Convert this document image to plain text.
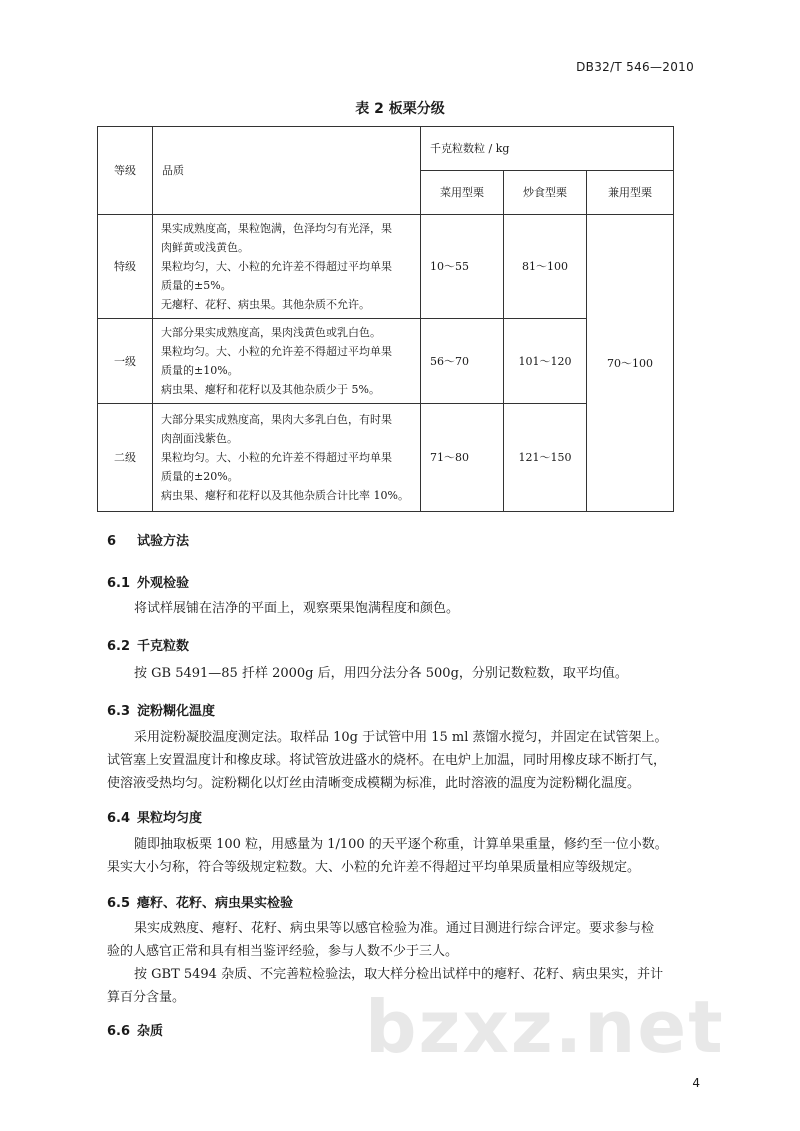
DB32/T 546—2010
表 2 板栗分级
等级	品质	千克粒数粒 / kg		
		菜用型栗	炒食型栗	兼用型栗
特级	果实成熟度高，果粒饱满，色泽均匀有光泽，果
肉鲜黄或浅黄色。
果粒均匀，大、小粒的允许差不得超过平均单果
质量的±5%。
无瘪籽、花籽、病虫果。其他杂质不允许。	10～55	81～100	70～100
一级	大部分果实成熟度高，果肉浅黄色或乳白色。
果粒均匀。大、小粒的允许差不得超过平均单果
质量的±10%。
病虫果、瘪籽和花籽以及其他杂质少于 5%。	56～70	101～120	
二级	大部分果实成熟度高，果肉大多乳白色，有时果
肉剖面浅紫色。
果粒均匀。大、小粒的允许差不得超过平均单果
质量的±20%。
病虫果、瘪籽和花籽以及其他杂质合计比率 10%。	71～80	121～150	
6 试验方法
6.1 外观检验
将试样展铺在洁净的平面上，观察栗果饱满程度和颜色。
6.2 千克粒数
按 GB 5491—85 扦样 2000g 后，用四分法分各 500g，分别记数粒数，取平均值。
6.3 淀粉糊化温度
采用淀粉凝胶温度测定法。取样品 10g 于试管中用 15 ml 蒸馏水搅匀，并固定在试管架上。
试管塞上安置温度计和橡皮球。将试管放进盛水的烧杯。在电炉上加温，同时用橡皮球不断打气，
使溶液受热均匀。淀粉糊化以灯丝由清晰变成模糊为标准，此时溶液的温度为淀粉糊化温度。
6.4 果粒均匀度
随即抽取板栗 100 粒，用感量为 1/100 的天平逐个称重，计算单果重量，修约至一位小数。
果实大小匀称，符合等级规定粒数。大、小粒的允许差不得超过平均单果质量相应等级规定。
6.5 瘪籽、花籽、病虫果实检验
果实成熟度、瘪籽、花籽、病虫果等以感官检验为准。通过目测进行综合评定。要求参与检
验的人感官正常和具有相当鉴评经验，参与人数不少于三人。
按 GBT 5494 杂质、不完善粒检验法，取大样分检出试样中的瘪籽、花籽、病虫果实，并计
算百分含量。
6.6 杂质	bzxz.net
4
